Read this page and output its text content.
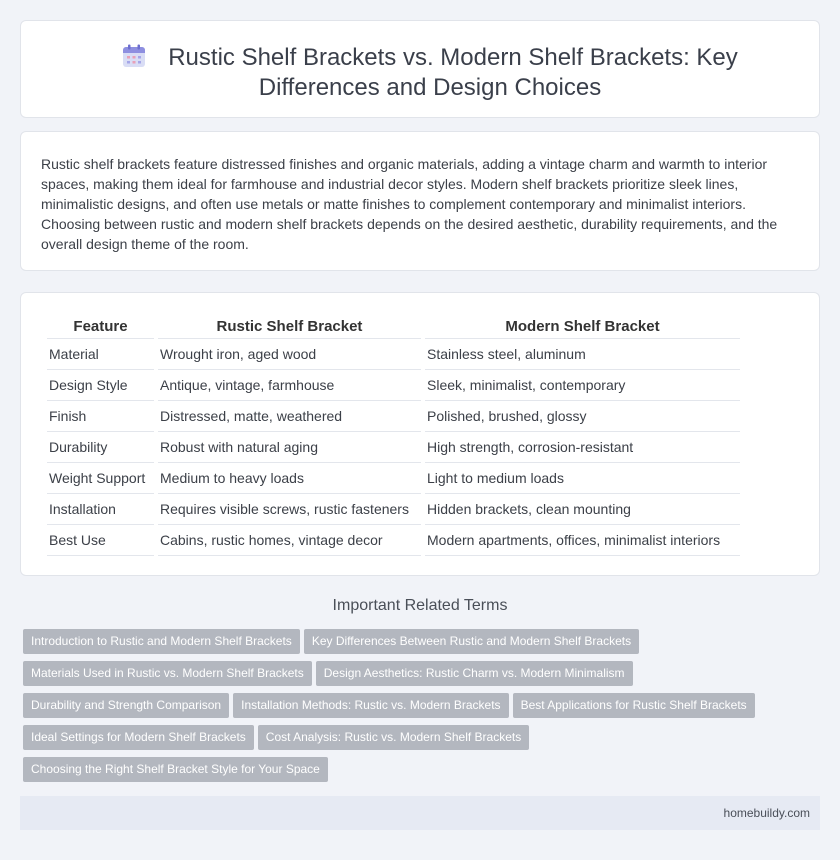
Rustic Shelf Brackets vs. Modern Shelf Brackets: Key Differences and Design Choices

Rustic shelf brackets feature distressed finishes and organic materials, adding a vintage charm and warmth to interior spaces, making them ideal for farmhouse and industrial decor styles. Modern shelf brackets prioritize sleek lines, minimalistic designs, and often use metals or matte finishes to complement contemporary and minimalist interiors. Choosing between rustic and modern shelf brackets depends on the desired aesthetic, durability requirements, and the overall design theme of the room.

Feature	Rustic Shelf Bracket	Modern Shelf Bracket
Material	Wrought iron, aged wood	Stainless steel, aluminum
Design Style	Antique, vintage, farmhouse	Sleek, minimalist, contemporary
Finish	Distressed, matte, weathered	Polished, brushed, glossy
Durability	Robust with natural aging	High strength, corrosion-resistant
Weight Support	Medium to heavy loads	Light to medium loads
Installation	Requires visible screws, rustic fasteners	Hidden brackets, clean mounting
Best Use	Cabins, rustic homes, vintage decor	Modern apartments, offices, minimalist interiors
Important Related Terms
Introduction to Rustic and Modern Shelf Brackets Key Differences Between Rustic and Modern Shelf Brackets
Materials Used in Rustic vs. Modern Shelf Brackets Design Aesthetics: Rustic Charm vs. Modern Minimalism
Durability and Strength Comparison Installation Methods: Rustic vs. Modern Brackets Best Applications for Rustic Shelf Brackets
Ideal Settings for Modern Shelf Brackets Cost Analysis: Rustic vs. Modern Shelf Brackets
Choosing the Right Shelf Bracket Style for Your Space
homebuildy.com
